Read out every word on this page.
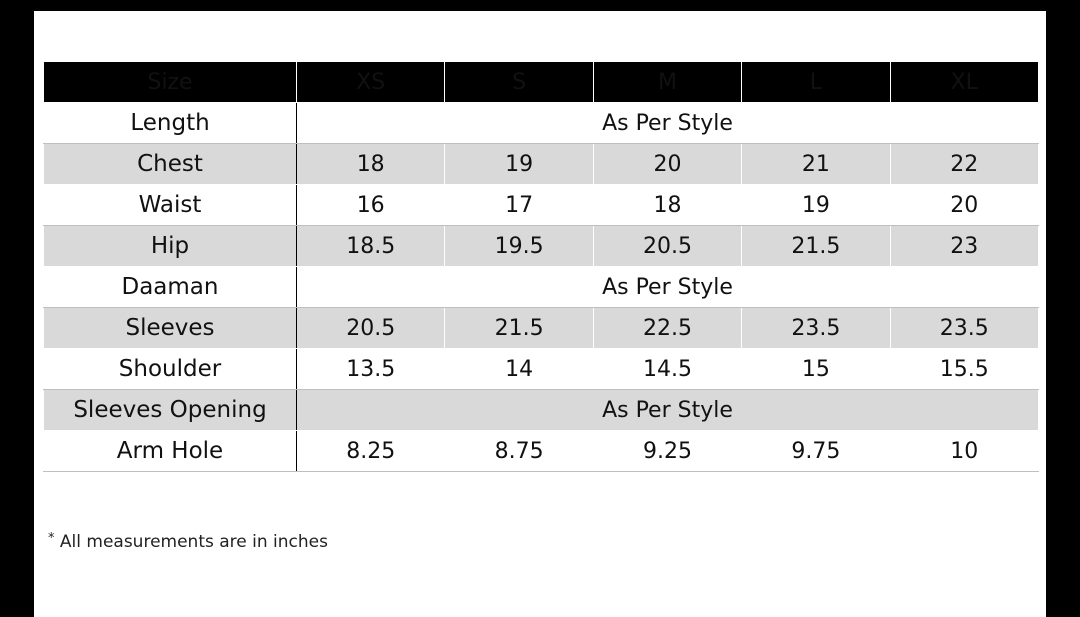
Size	XS	S	M	L	XL
Length	As Per Style				
Chest	18	19	20	21	22
Waist	16	17	18	19	20
Hip	18.5	19.5	20.5	21.5	23
Daaman	As Per Style				
Sleeves	20.5	21.5	22.5	23.5	23.5
Shoulder	13.5	14	14.5	15	15.5
Sleeves Opening	As Per Style				
Arm Hole	8.25	8.75	9.25	9.75	10
* All measurements are in inches
